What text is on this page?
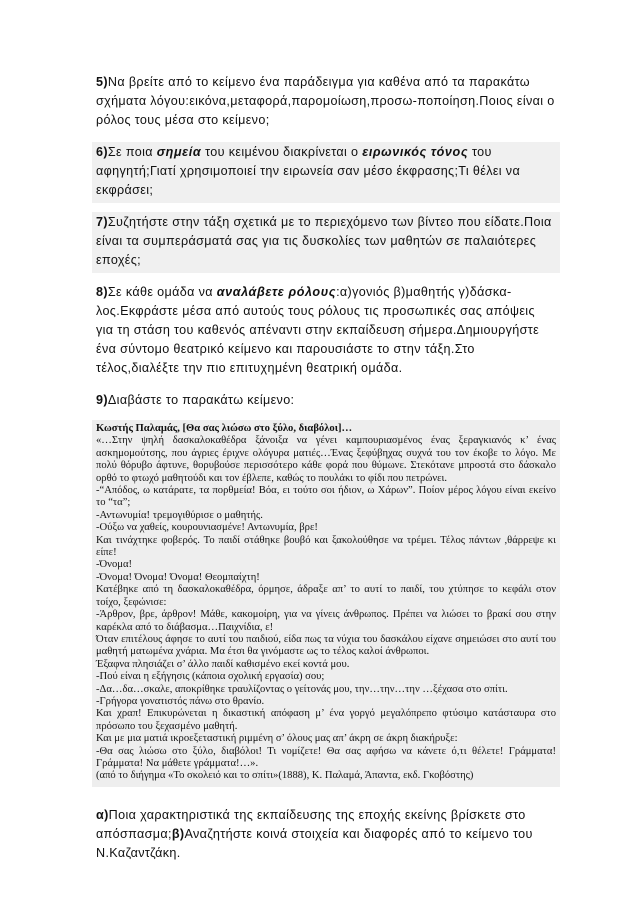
5)Να βρείτε από το κείμενο ένα παράδειγμα για καθένα από τα παρακάτω σχήματα λόγου:εικόνα,μεταφορά,παρομοίωση,προσω-ποποίηση.Ποιος είναι ο ρόλος τους μέσα στο κείμενο;

6)Σε ποια σημεία του κειμένου διακρίνεται ο ειρωνικός τόνος του αφηγητή;Γιατί χρησιμοποιεί την ειρωνεία σαν μέσο έκφρασης;Τι θέλει να εκφράσει;

7)Συζητήστε στην τάξη σχετικά με το περιεχόμενο των βίντεο που είδατε.Ποια είναι τα συμπεράσματά σας για τις δυσκολίες των μαθητών σε παλαιότερες εποχές;

8)Σε κάθε ομάδα να αναλάβετε ρόλους:α)γονιός β)μαθητής γ)δάσκα-λος.Εκφράστε μέσα από αυτούς τους ρόλους τις προσωπικές σας απόψεις για τη στάση του καθενός απέναντι στην εκπαίδευση σήμερα.Δημιουργήστε ένα σύντομο θεατρικό κείμενο και παρουσιάστε το στην τάξη.Στο τέλος,διαλέξτε την πιο επιτυχημένη θεατρική ομάδα.

9)Διαβάστε το παρακάτω κείμενο:

Κωστής Παλαμάς, [Θα σας λιώσω στο ξύλο, διαβόλοι]…
«…Στην ψηλή δασκαλοκαθέδρα ξάνοιξα να γένει καμπουριασμένος ένας ξεραγκιανός κ’ ένας ασκημομούτσης, που άγριες έριχνε ολόγυρα ματιές…Ένας ξεφύβηχας συχνά του τον έκοβε το λόγο. Με πολύ θόρυβο άφτυνε, θορυβούσε περισσότερο κάθε φορά που θύμωνε. Στεκότανε μπροστά στο δάσκαλο ορθό το φτωχό μαθητούδι και τον έβλεπε, καθώς το πουλάκι το φίδι που πετρώνει.
-“Απόδος, ω κατάρατε, τα πορθμεία! Βόα, ει τούτο σοι ήδιον, ω Χάρων”. Ποίον μέρος λόγου είναι εκείνο το “τα”;
-Αντωνυμία! τρεμογιθύρισε ο μαθητής.
-Ούξω να χαθείς, κουρουνιασμένε! Αντωνυμία, βρε!
Και τινάχτηκε φοβερός. Το παιδί στάθηκε βουβό και ξακολούθησε να τρέμει. Τέλος πάντων ,θάρρεψε κι είπε!
-Όνομα!
-Όνομα! Όνομα! Όνομα! Θεομπαίχτη!
Κατέβηκε από τη δασκαλοκαθέδρα, όρμησε, άδραξε απ’ το αυτί το παιδί, του χτύπησε το κεφάλι στον τοίχο, ξεφώνισε:
-Άρθρον, βρε, άρθρον! Μάθε, κακομοίρη, για να γίνεις άνθρωπος. Πρέπει να λιώσει το βρακί σου στην καρέκλα από το διάβασμα…Παιχνίδια, ε!
Όταν επιτέλους άφησε το αυτί του παιδιού, είδα πως τα νύχια του δασκάλου είχανε σημειώσει στο αυτί του μαθητή ματωμένα χνάρια. Μα έτσι θα γινόμαστε ως το τέλος καλοί άνθρωποι.
Έξαφνα πλησιάζει σ’ άλλο παιδί καθισμένο εκεί κοντά μου.
-Πού είναι η εξήγησις (κάποια σχολική εργασία) σου;
-Δα…δα…σκαλε, αποκρίθηκε τραυλίζοντας ο γείτονάς μου, την…την…την …ξέχασα στο σπίτι.
-Γρήγορα γονατιστός πάνω στο θρανίο.
Και χραπ! Επικυρώνεται η δικαστική απόφαση μ’ ένα γοργό μεγαλόπρεπο φτύσιμο κατάσταυρα στο πρόσωπο του ξεχασμένο μαθητή.
Και με μια ματιά ικροεξεταστική ριμμένη σ’ όλους μας απ’ άκρη σε άκρη διακήρυξε:
-Θα σας λιώσω στο ξύλο, διαβόλοι! Τι νομίζετε! Θα σας αφήσω να κάνετε ό,τι θέλετε! Γράμματα! Γράμματα! Να μάθετε γράμματα!…».
(από το διήγημα «Το σκολειό και το σπίτι»(1888), Κ. Παλαμά, Άπαντα, εκδ. Γκοβόστης)

α)Ποια χαρακτηριστικά της εκπαίδευσης της εποχής εκείνης βρίσκετε στο απόσπασμα;β)Αναζητήστε κοινά στοιχεία και διαφορές από το κείμενο του Ν.Καζαντζάκη.
